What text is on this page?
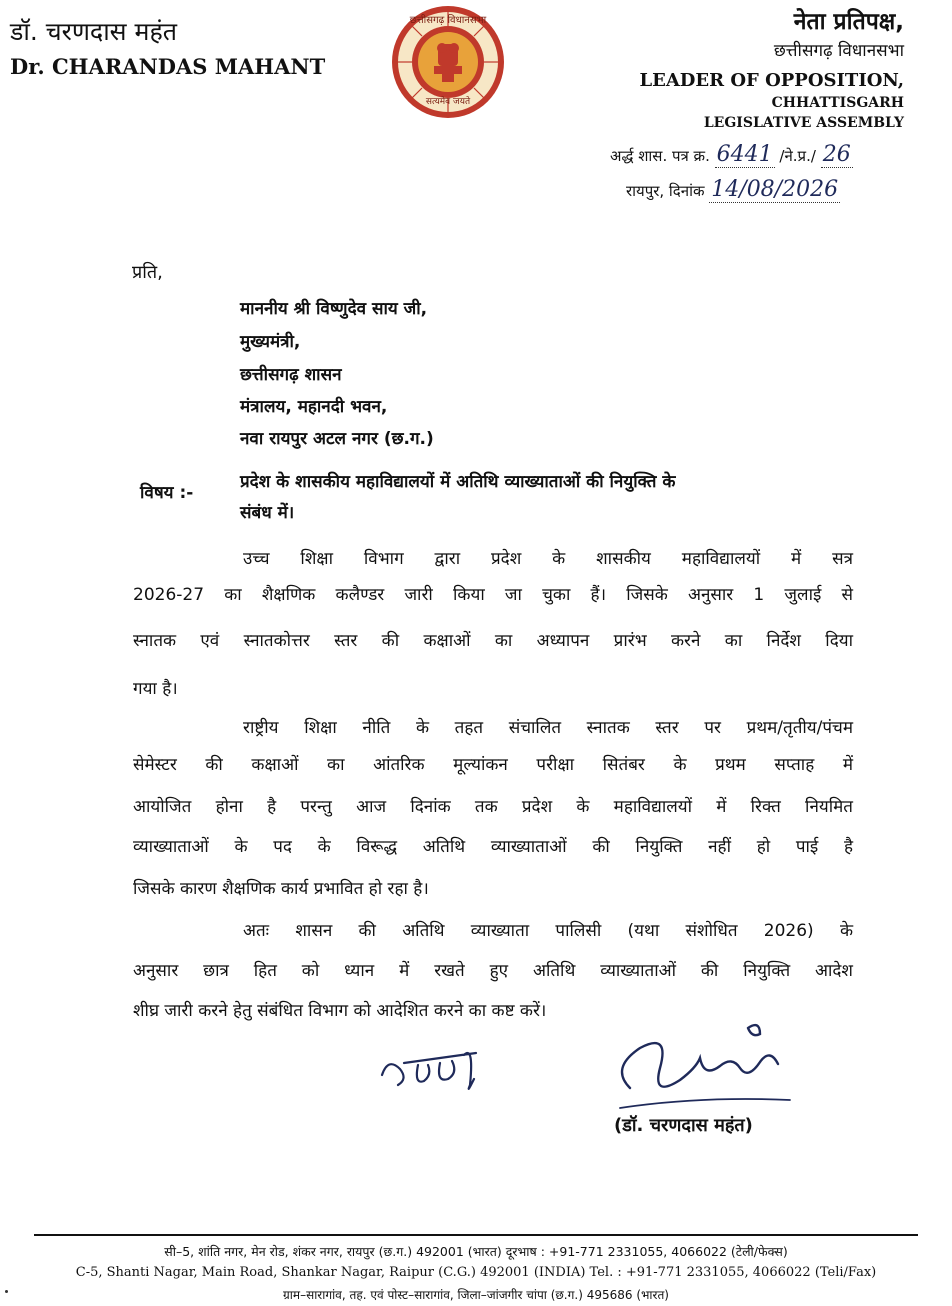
डॉ. चरणदास महंत
Dr. CHARANDAS MAHANT
छत्तीसगढ़ विधानसभा
सत्यमेव जयते
नेता प्रतिपक्ष,
छत्तीसगढ़ विधानसभा
LEADER OF OPPOSITION,
CHHATTISGARH
LEGISLATIVE ASSEMBLY
अर्द्ध शास. पत्र क्र. 6441 /ने.प्र./ 26
रायपुर, दिनांक 14/08/2026
प्रति,
माननीय श्री विष्णुदेव साय जी,
मुख्यमंत्री,
छत्तीसगढ़ शासन
मंत्रालय, महानदी भवन,
नवा रायपुर अटल नगर (छ.ग.)
विषय :-
प्रदेश के शासकीय महाविद्यालयों में अतिथि व्याख्याताओं की नियुक्ति के
संबंध में।
उच्च शिक्षा विभाग द्वारा प्रदेश के शासकीय महाविद्यालयों में सत्र
2026-27 का शैक्षणिक कलैण्डर जारी किया जा चुका हैं। जिसके अनुसार 1 जुलाई से
स्नातक एवं स्नातकोत्तर स्तर की कक्षाओं का अध्यापन प्रारंभ करने का निर्देश दिया
गया है।
राष्ट्रीय शिक्षा नीति के तहत संचालित स्नातक स्तर पर प्रथम/तृतीय/पंचम
सेमेस्टर की कक्षाओं का आंतरिक मूल्यांकन परीक्षा सितंबर के प्रथम सप्ताह में
आयोजित होना है परन्तु आज दिनांक तक प्रदेश के महाविद्यालयों में रिक्त नियमित
व्याख्याताओं के पद के विरूद्ध अतिथि व्याख्याताओं की नियुक्ति नहीं हो पाई है
जिसके कारण शैक्षणिक कार्य प्रभावित हो रहा है।
अतः शासन की अतिथि व्याख्याता पालिसी (यथा संशोधित 2026) के
अनुसार छात्र हित को ध्यान में रखते हुए अतिथि व्याख्याताओं की नियुक्ति आदेश
शीघ्र जारी करने हेतु संबंधित विभाग को आदेशित करने का कष्ट करें।
(डॉ. चरणदास महंत)
सी–5, शांति नगर, मेन रोड, शंकर नगर, रायपुर (छ.ग.) 492001 (भारत) दूरभाष : +91-771 2331055, 4066022 (टेली/फेक्स)
C-5, Shanti Nagar, Main Road, Shankar Nagar, Raipur (C.G.) 492001 (INDIA) Tel. : +91-771 2331055, 4066022 (Teli/Fax)
ग्राम–सारागांव, तह. एवं पोस्ट–सारागांव, जिला–जांजगीर चांपा (छ.ग.) 495686 (भारत)
